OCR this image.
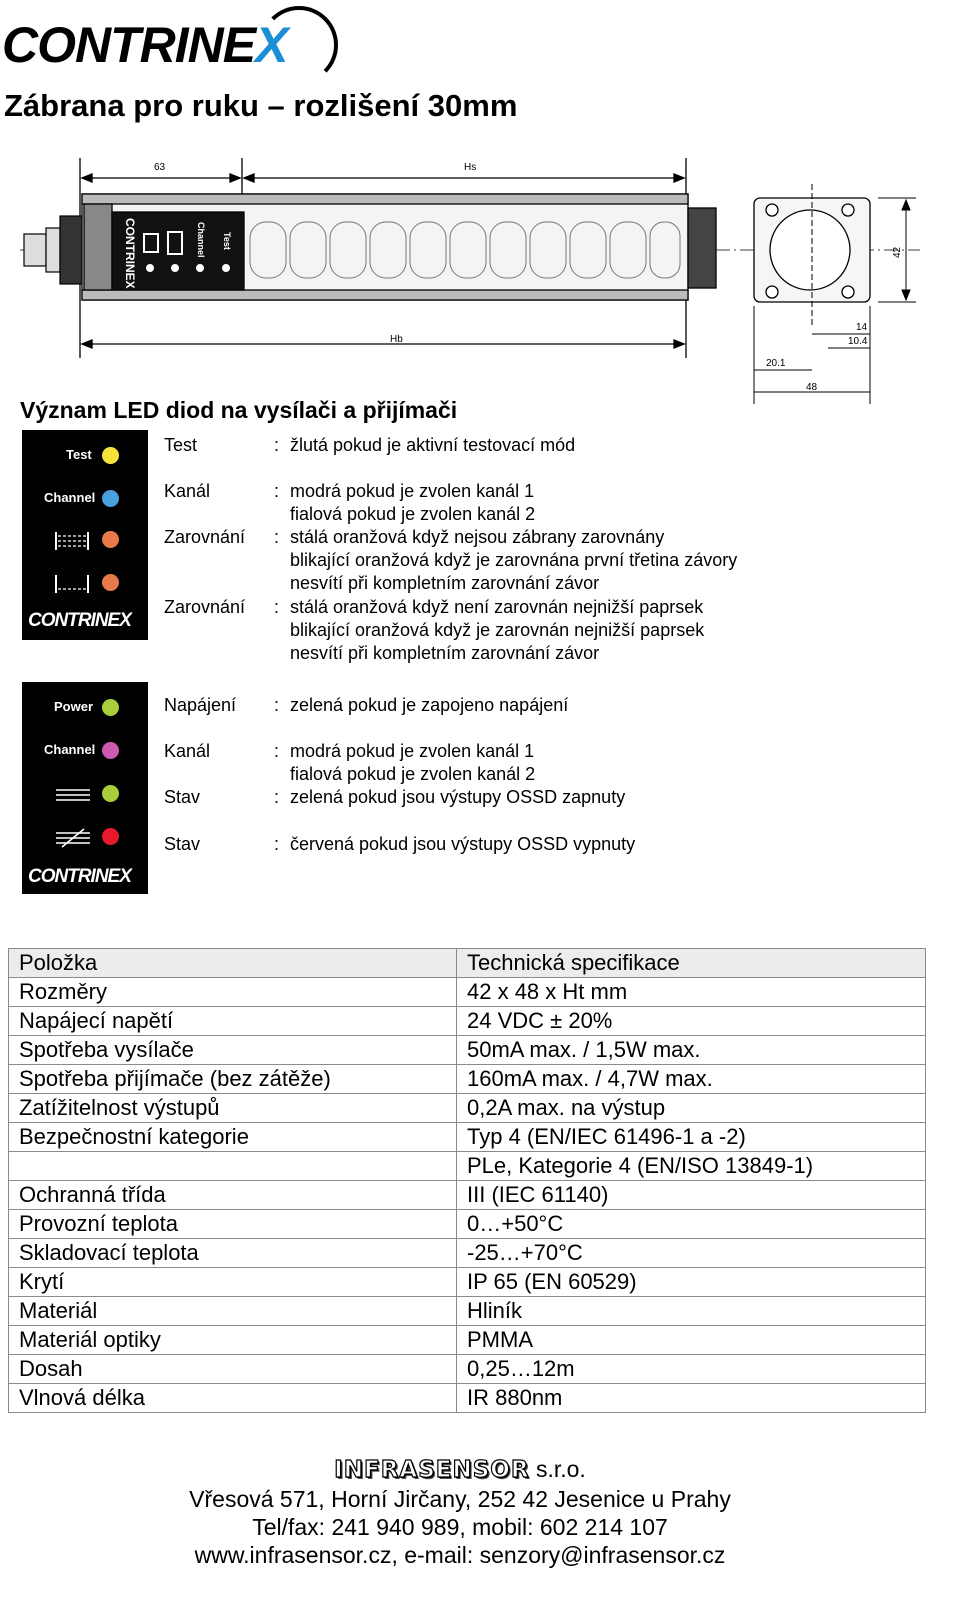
CONTRINEX
Zábrana pro ruku – rozlišení 30mm
CONTRINEX	Channel Test
63	Hs
Hb
42
14
10.4
20.1
48
Význam LED diod na vysílači a přijímači
Test
Channel
CONTRINEX
Test	: žlutá pokud je aktivní testovací mód
Kanál	: modrá pokud je zvolen kanál 1
fialová pokud je zvolen kanál 2
Zarovnání : stálá oranžová když nejsou zábrany zarovnány
blikající oranžová když je zarovnána první třetina závory
nesvítí při kompletním zarovnání závor
Zarovnání : stálá oranžová když není zarovnán nejnižší paprsek
blikající oranžová když je zarovnán nejnižší paprsek
nesvítí při kompletním zarovnání závor
Power
Channel
CONTRINEX
Napájení : zelená pokud je zapojeno napájení
Kanál	: modrá pokud je zvolen kanál 1
fialová pokud je zvolen kanál 2
Stav	: zelená pokud jsou výstupy OSSD zapnuty
Stav	: červená pokud jsou výstupy OSSD vypnuty
Položka	Technická specifikace
Rozměry	42 x 48 x Ht mm
Napájecí napětí	24 VDC ± 20%
Spotřeba vysílače	50mA max. / 1,5W max.
Spotřeba přijímače (bez zátěže)	160mA max. / 4,7W max.
Zatížitelnost výstupů	0,2A max. na výstup
Bezpečnostní kategorie	Typ 4 (EN/IEC 61496-1 a -2)
	PLe, Kategorie 4 (EN/ISO 13849-1)
Ochranná třída	III (IEC 61140)
Provozní teplota	0…+50°C
Skladovací teplota	-25…+70°C
Krytí	IP 65 (EN 60529)
Materiál	Hliník
Materiál optiky	PMMA
Dosah	0,25…12m
Vlnová délka	IR 880nm
INFRASENSOR s.r.o.
Vřesová 571, Horní Jirčany, 252 42 Jesenice u Prahy
Tel/fax: 241 940 989, mobil: 602 214 107
www.infrasensor.cz, e-mail: senzory@infrasensor.cz
